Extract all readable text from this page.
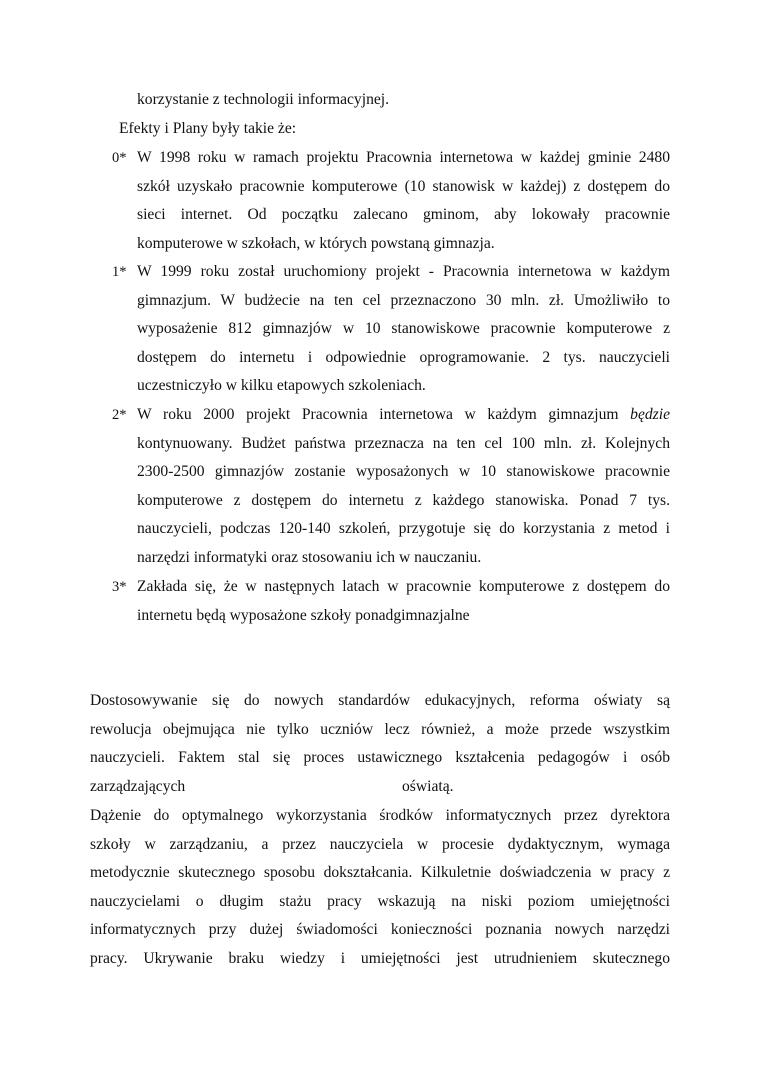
korzystanie z technologii informacyjnej.
Efekty i Plany były takie że:
0* W 1998 roku w ramach projektu Pracownia internetowa w każdej gminie 2480
szkół uzyskało pracownie komputerowe (10 stanowisk w każdej) z dostępem do
sieci internet. Od początku zalecano gminom, aby lokowały pracownie
komputerowe w szkołach, w których powstaną gimnazja.
1* W 1999 roku został uruchomiony projekt - Pracownia internetowa w każdym
gimnazjum. W budżecie na ten cel przeznaczono 30 mln. zł. Umożliwiło to
wyposażenie 812 gimnazjów w 10 stanowiskowe pracownie komputerowe z
dostępem do internetu i odpowiednie oprogramowanie. 2 tys. nauczycieli
uczestniczyło w kilku etapowych szkoleniach.
2* W roku 2000 projekt Pracownia internetowa w każdym gimnazjum będzie
kontynuowany. Budżet państwa przeznacza na ten cel 100 mln. zł. Kolejnych
2300-2500 gimnazjów zostanie wyposażonych w 10 stanowiskowe pracownie
komputerowe z dostępem do internetu z każdego stanowiska. Ponad 7 tys.
nauczycieli, podczas 120-140 szkoleń, przygotuje się do korzystania z metod i
narzędzi informatyki oraz stosowaniu ich w nauczaniu.
3* Zakłada się, że w następnych latach w pracownie komputerowe z dostępem do
internetu będą wyposażone szkoły ponadgimnazjalne
Dostosowywanie się do nowych standardów edukacyjnych, reforma oświaty są
rewolucja obejmująca nie tylko uczniów lecz również, a może przede wszystkim
nauczycieli. Faktem stal się proces ustawicznego kształcenia pedagogów i osób
zarządzających	oświatą.
Dążenie do optymalnego wykorzystania środków informatycznych przez dyrektora
szkoły w zarządzaniu, a przez nauczyciela w procesie dydaktycznym, wymaga
metodycznie skutecznego sposobu dokształcania. Kilkuletnie doświadczenia w pracy z
nauczycielami o długim stażu pracy wskazują na niski poziom umiejętności
informatycznych przy dużej świadomości konieczności poznania nowych narzędzi
pracy. Ukrywanie braku wiedzy i umiejętności jest utrudnieniem skutecznego
